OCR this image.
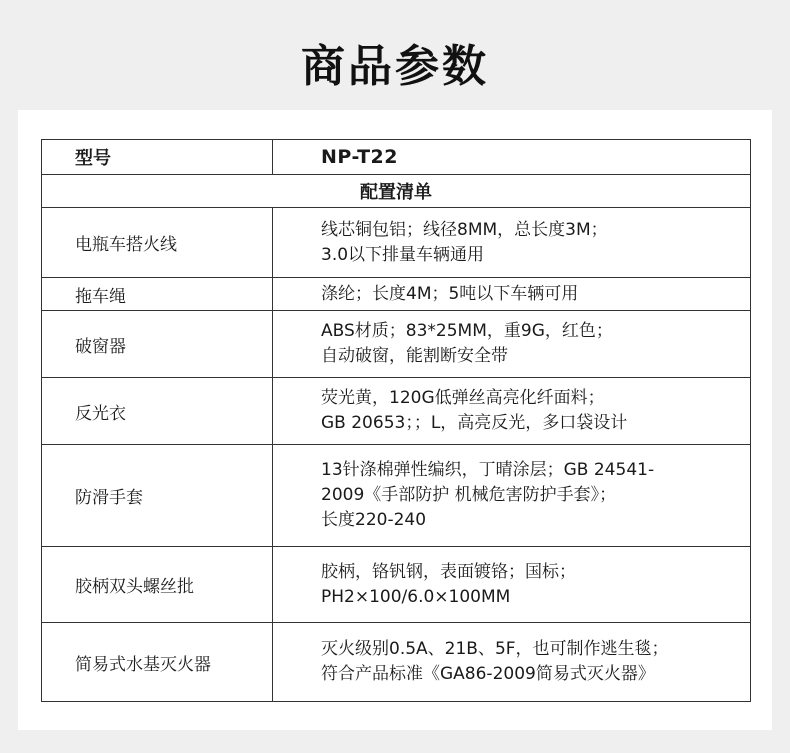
商品参数
型号	NP-T22
配置清单	
电瓶车搭火线	线芯铜包铝；线径8MM，总长度3M；
3.0以下排量车辆通用

拖车绳	涤纶；长度4M；5吨以下车辆可用

破窗器	ABS材质；83*25MM，重9G，红色；
自动破窗，能割断安全带

反光衣	荧光黄，120G低弹丝高亮化纤面料；
GB 20653；；L，高亮反光，多口袋设计

防滑手套	13针涤棉弹性编织，丁晴涂层；GB 24541-
2009《手部防护 机械危害防护手套》；
长度220-240

胶柄双头螺丝批	胶柄，铬钒钢，表面镀铬；国标；
PH2×100/6.0×100MM

简易式水基灭火器	灭火级别0.5A、21B、5F，也可制作逃生毯；
符合产品标准《GA86-2009简易式灭火器》
